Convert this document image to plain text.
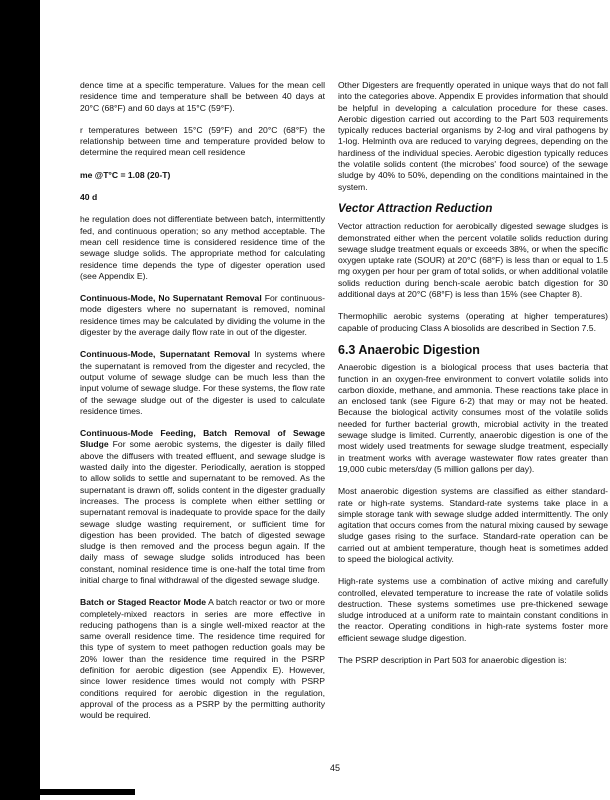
dence time at a specific temperature. Values for the mean cell residence time and temperature shall be between 40 days at 20°C (68°F) and 60 days at 15°C (59°F).

r temperatures between 15°C (59°F) and 20°C (68°F) the relationship between time and temperature provided below to determine the required mean cell residence

me @T°C = 1.08 (20-T)

40 d

he regulation does not differentiate between batch, intermittently fed, and continuous operation; so any method acceptable. The mean cell residence time is considered residence time of the sewage sludge solids. The appropriate method for calculating residence time depends the type of digester operation used (see Appendix E).

Continuous-Mode, No Supernatant Removal For continuous-mode digesters where no supernatant is removed, nominal residence times may be calculated by dividing the volume in the digester by the average daily flow rate in out of the digester.

Continuous-Mode, Supernatant Removal In systems where the supernatant is removed from the digester and recycled, the output volume of sewage sludge can be much less than the input volume of sewage sludge. For these systems, the flow rate of the sewage sludge out of the digester is used to calculate residence times.

Continuous-Mode Feeding, Batch Removal of Sewage Sludge For some aerobic systems, the digester is daily filled above the diffusers with treated effluent, and sewage sludge is wasted daily into the digester. Periodically, aeration is stopped to allow solids to settle and supernatant to be removed. As the supernatant is drawn off, solids content in the digester gradually increases. The process is complete when either settling or supernatant removal is inadequate to provide space for the daily sewage sludge wasting requirement, or sufficient time for digestion has been provided. The batch of digested sewage sludge is then removed and the process begun again. If the daily mass of sewage sludge solids introduced has been constant, nominal residence time is one-half the total time from initial charge to final withdrawal of the digested sewage sludge.

Batch or Staged Reactor Mode A batch reactor or two or more completely-mixed reactors in series are more effective in reducing pathogens than is a single well-mixed reactor at the same overall residence time. The residence time required for this type of system to meet pathogen reduction goals may be 20% lower than the residence time required in the PSRP definition for aerobic digestion (see Appendix E). However, since lower residence times would not comply with PSRP conditions required for aerobic digestion in the regulation, approval of the process as a PSRP by the permitting authority would be required.

Other Digesters are frequently operated in unique ways that do not fall into the categories above. Appendix E provides information that should be helpful in developing a calculation procedure for these cases. Aerobic digestion carried out according to the Part 503 requirements typically reduces bacterial organisms by 2-log and viral pathogens by 1-log. Helminth ova are reduced to varying degrees, depending on the hardiness of the individual species. Aerobic digestion typically reduces the volatile solids content (the microbes' food source) of the sewage sludge by 40% to 50%, depending on the conditions maintained in the system.

Vector Attraction Reduction

Vector attraction reduction for aerobically digested sewage sludges is demonstrated either when the percent volatile solids reduction during sewage sludge treatment equals or exceeds 38%, or when the specific oxygen uptake rate (SOUR) at 20°C (68°F) is less than or equal to 1.5 mg oxygen per hour per gram of total solids, or when additional volatile solids reduction during bench-scale aerobic batch digestion for 30 additional days at 20°C (68°F) is less than 15% (see Chapter 8).

Thermophilic aerobic systems (operating at higher temperatures) capable of producing Class A biosolids are described in Section 7.5.

6.3 Anaerobic Digestion

Anaerobic digestion is a biological process that uses bacteria that function in an oxygen-free environment to convert volatile solids into carbon dioxide, methane, and ammonia. These reactions take place in an enclosed tank (see Figure 6-2) that may or may not be heated. Because the biological activity consumes most of the volatile solids needed for further bacterial growth, microbial activity in the treated sewage sludge is limited. Currently, anaerobic digestion is one of the most widely used treatments for sewage sludge treatment, especially in treatment works with average wastewater flow rates greater than 19,000 cubic meters/day (5 million gallons per day).

Most anaerobic digestion systems are classified as either standard-rate or high-rate systems. Standard-rate systems take place in a simple storage tank with sewage sludge added intermittently. The only agitation that occurs comes from the natural mixing caused by sewage sludge gases rising to the surface. Standard-rate operation can be carried out at ambient temperature, though heat is sometimes added to speed the biological activity.

High-rate systems use a combination of active mixing and carefully controlled, elevated temperature to increase the rate of volatile solids destruction. These systems sometimes use pre-thickened sewage sludge introduced at a uniform rate to maintain constant conditions in the reactor. Operating conditions in high-rate systems foster more efficient sewage sludge digestion.

The PSRP description in Part 503 for anaerobic digestion is:

45
